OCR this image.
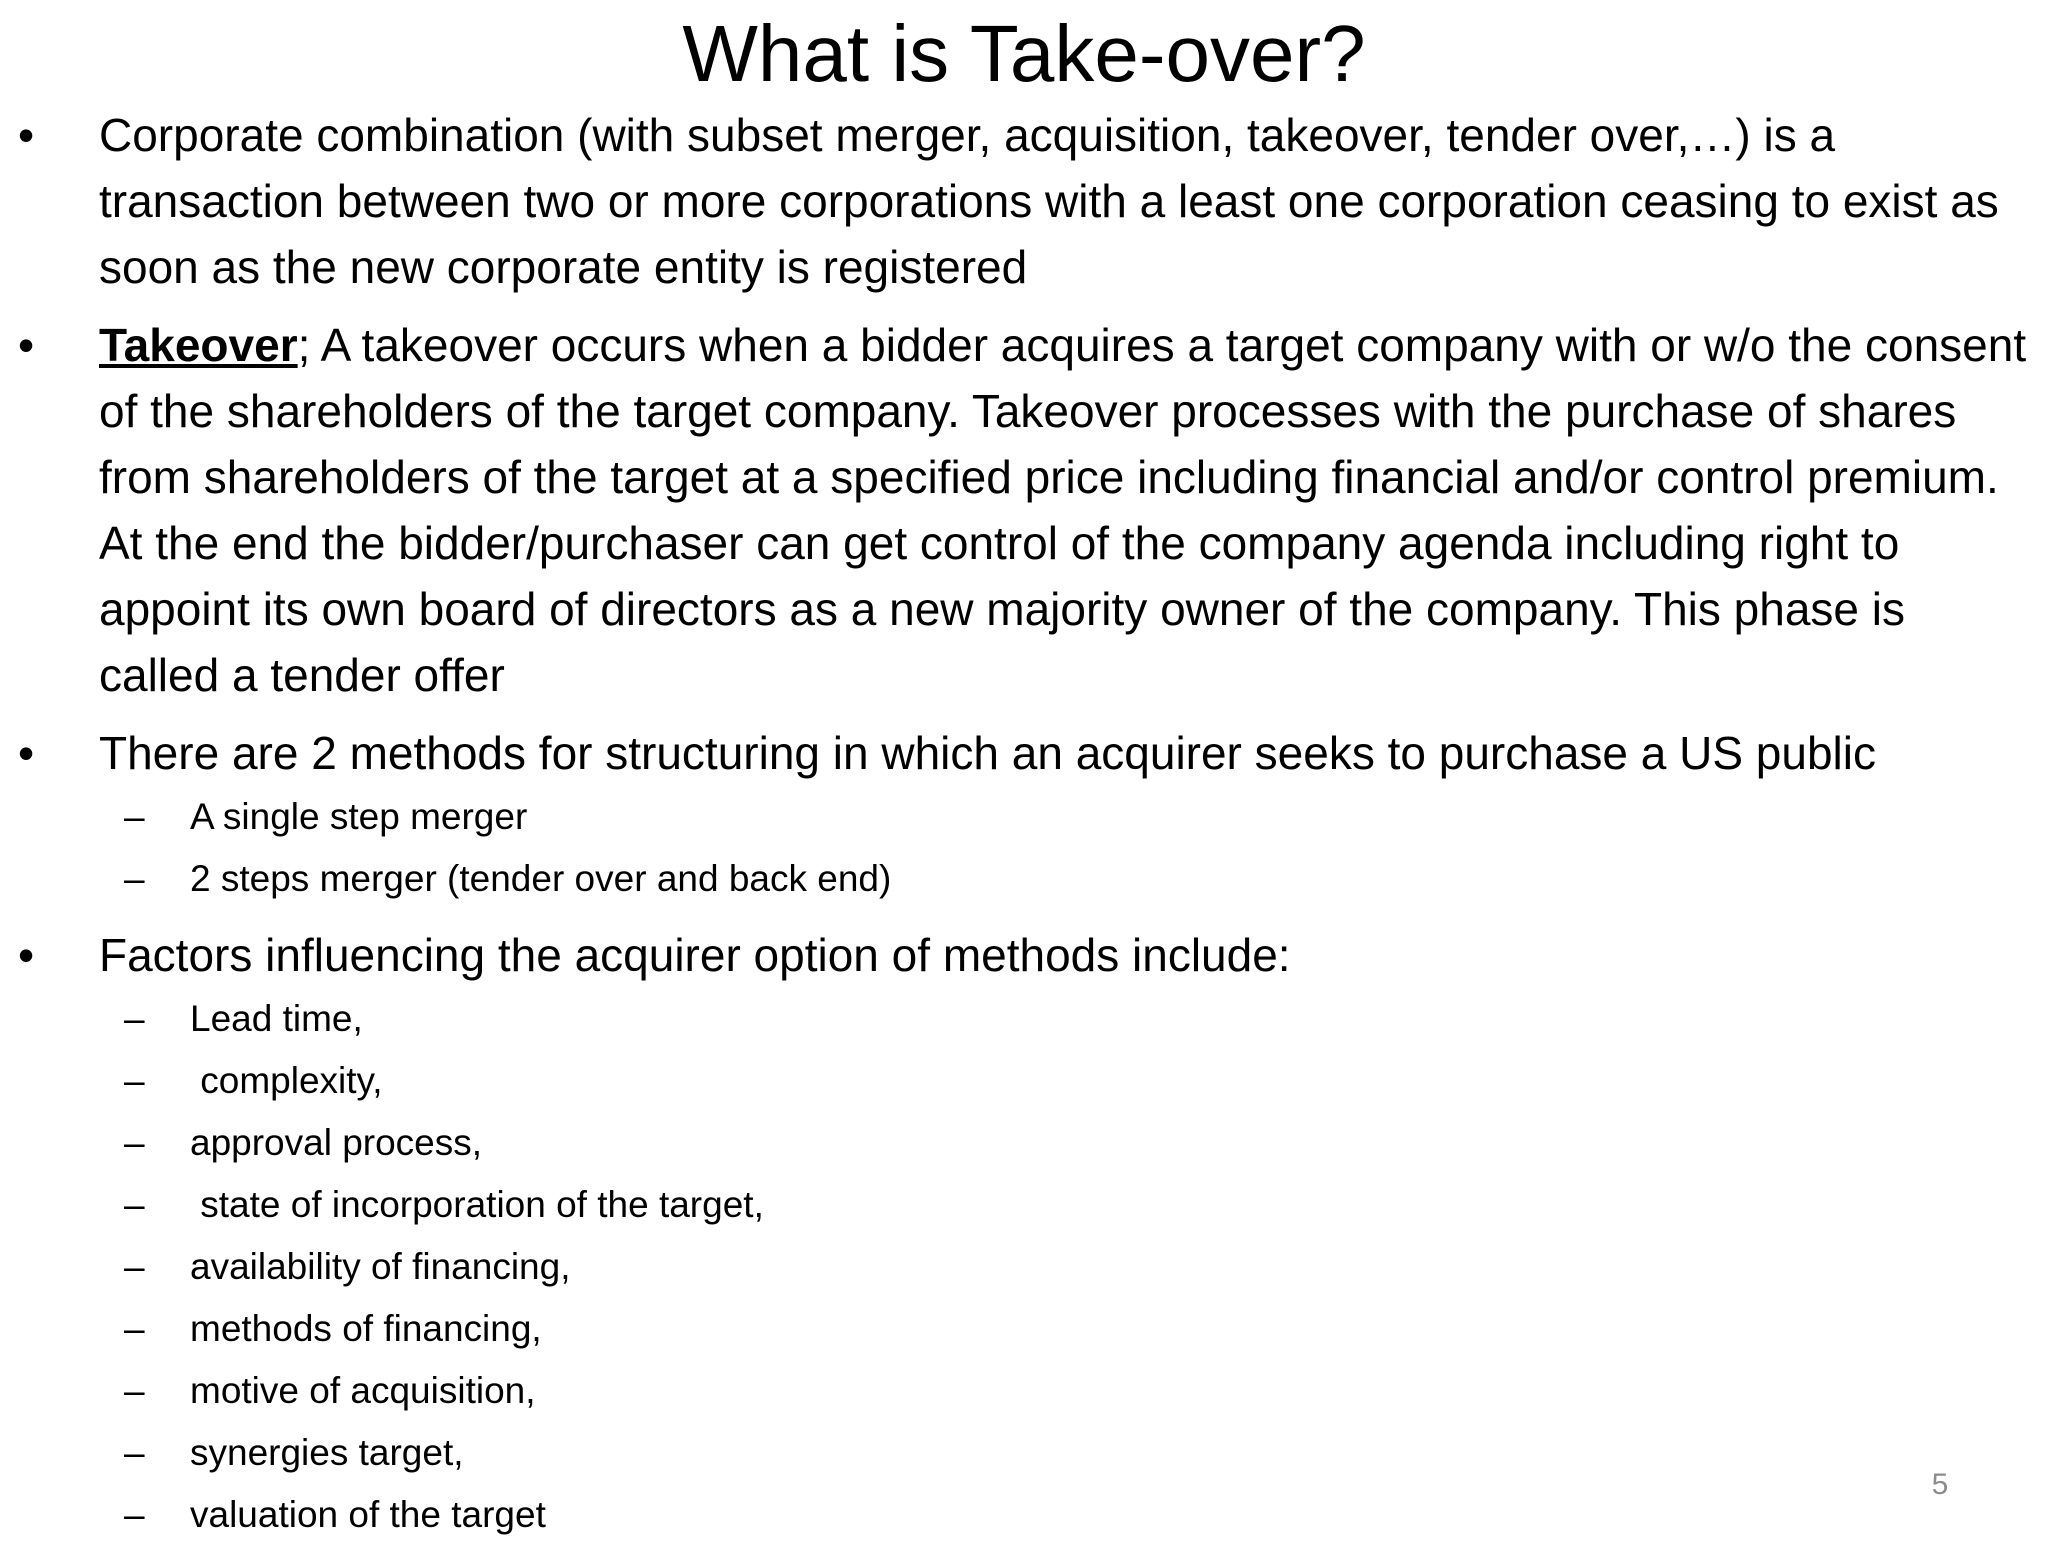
What is Take-over?
• Corporate combination (with subset merger, acquisition, takeover, tender over,…) is a transaction between two or more corporations with a least one corporation ceasing to exist as soon as the new corporate entity is registered
• Takeover; A takeover occurs when a bidder acquires a target company with or w/o the consent of the shareholders of the target company. Takeover processes with the purchase of shares from shareholders of the target at a specified price including financial and/or control premium. At the end the bidder/purchaser can get control of the company agenda including right to appoint its own board of directors as a new majority owner of the company. This phase is called a tender offer
• There are 2 methods for structuring in which an acquirer seeks to purchase a US public
– A single step merger
– 2 steps merger (tender over and back end)
• Factors influencing the acquirer option of methods include:
– Lead time,
– complexity,
– approval process,
– state of incorporation of the target,
– availability of financing,
– methods of financing,
– motive of acquisition,
– synergies target,
– valuation of the target
5
